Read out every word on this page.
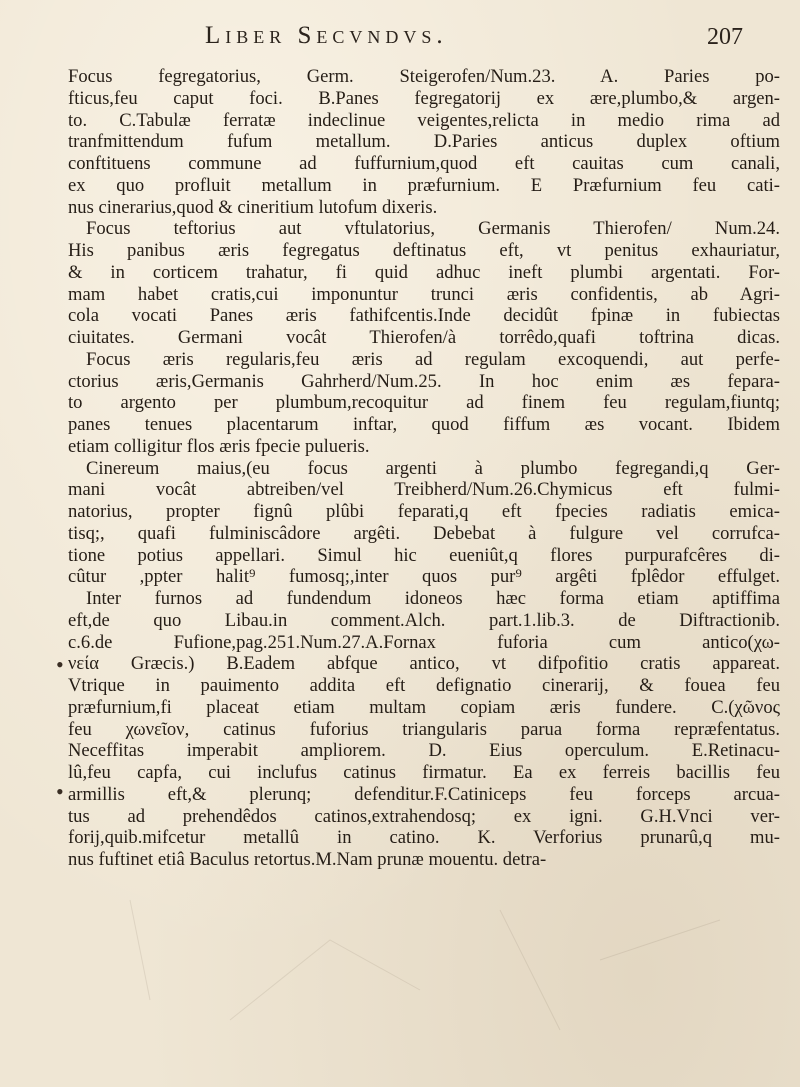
Liber Secvndvs.	207
Focus fegregatorius, Germ. Steigerofen/Num.23. A. Paries po-
fticus,feu caput foci. B.Panes fegregatorij ex ære,plumbo,& argen-
to. C.Tabulæ ferratæ indeclinue veigentes,relicta in medio rima ad
tranfmittendum fufum metallum. D.Paries anticus duplex oftium
conftituens commune ad fuffurnium,quod eft cauitas cum canali,
ex quo profluit metallum in præfurnium. E Præfurnium feu cati-
nus cinerarius,quod & cineritium lutofum dixeris.
Focus teftorius aut vftulatorius, Germanis Thierofen/ Num.24.
His panibus æris fegregatus deftinatus eft, vt penitus exhauriatur,
& in corticem trahatur, fi quid adhuc ineft plumbi argentati. For-
mam habet cratis,cui imponuntur trunci æris confidentis, ab Agri-
cola vocati Panes æris fathifcentis.Inde decidût fpinæ in fubiectas
ciuitates. Germani vocât Thierofen/à torrêdo,quafi toftrina dicas.
Focus æris regularis,feu æris ad regulam excoquendi, aut perfe-
ctorius æris,Germanis Gahrherd/Num.25. In hoc enim æs fepara-
to argento per plumbum,recoquitur ad finem feu regulam,fiuntq;
panes tenues placentarum inftar, quod fiffum æs vocant. Ibidem
etiam colligitur flos æris fpecie pulueris.
Cinereum maius,(eu focus argenti à plumbo fegregandi,q Ger-
mani vocât abtreiben/vel Treibherd/Num.26.Chymicus eft fulmi-
natorius, propter fignû plûbi feparati,q eft fpecies radiatis emica-
tisq;, quafi fulminiscâdore argêti. Debebat à fulgure vel corrufca-
tione potius appellari. Simul hic eueniût,q flores purpurafcêres di-
cûtur ,ppter halit⁹ fumosq;,inter quos pur⁹ argêti fplêdor effulget.
Inter furnos ad fundendum idoneos hæc forma etiam aptiffima
eft,de quo Libau.in comment.Alch. part.1.lib.3. de Diftractionib.
c.6.de Fufione,pag.251.Num.27.A.Fornax fuforia cum antico(χω-
νεία Græcis.) B.Eadem abfque antico, vt difpofitio cratis appareat.
Vtrique in pauimento addita eft defignatio cinerarij, & fouea feu
præfurnium,fi placeat etiam multam copiam æris fundere. C.(χῶνος
feu χωνεῖον, catinus fuforius triangularis parua forma repræfentatus.
Neceffitas imperabit ampliorem. D. Eius operculum. E.Retinacu-
lû,feu capfa, cui inclufus catinus firmatur. Ea ex ferreis bacillis feu
armillis eft,& plerunq; defenditur.F.Catiniceps feu forceps arcua-
tus ad prehendêdos catinos,extrahendosq; ex igni. G.H.Vnci ver-
forij,quib.mifcetur metallû in catino. K. Verforius prunarû,q mu-
nus fuftinet etiâ Baculus retortus.M.Nam prunæ mouentu. detra-
•
•
